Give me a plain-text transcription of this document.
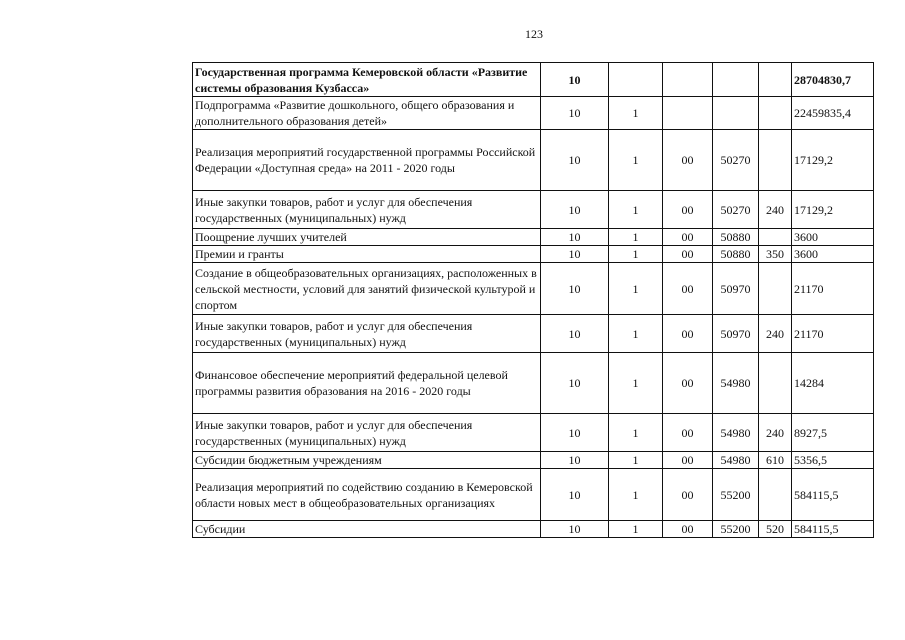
123
Государственная программа Кемеровской области «Развитие системы образования Кузбасса»	10					28704830,7
Подпрограмма «Развитие дошкольного, общего образования и дополнительного образования детей»	10	1				22459835,4
Реализация мероприятий государственной программы Российской Федерации «Доступная среда» на 2011 - 2020 годы	10	1	00	50270		17129,2
Иные закупки товаров, работ и услуг для обеспечения государственных (муниципальных) нужд	10	1	00	50270	240	17129,2
Поощрение лучших учителей	10	1	00	50880		3600
Премии и гранты	10	1	00	50880	350	3600
Создание в общеобразовательных организациях, расположенных в сельской местности, условий для занятий физической культурой и спортом	10	1	00	50970		21170
Иные закупки товаров, работ и услуг для обеспечения государственных (муниципальных) нужд	10	1	00	50970	240	21170
Финансовое обеспечение мероприятий федеральной целевой программы развития образования на 2016 - 2020 годы	10	1	00	54980		14284
Иные закупки товаров, работ и услуг для обеспечения государственных (муниципальных) нужд	10	1	00	54980	240	8927,5
Субсидии бюджетным учреждениям	10	1	00	54980	610	5356,5
Реализация мероприятий по содействию созданию в Кемеровской области новых мест в общеобразовательных организациях	10	1	00	55200		584115,5
Субсидии	10	1	00	55200	520	584115,5
